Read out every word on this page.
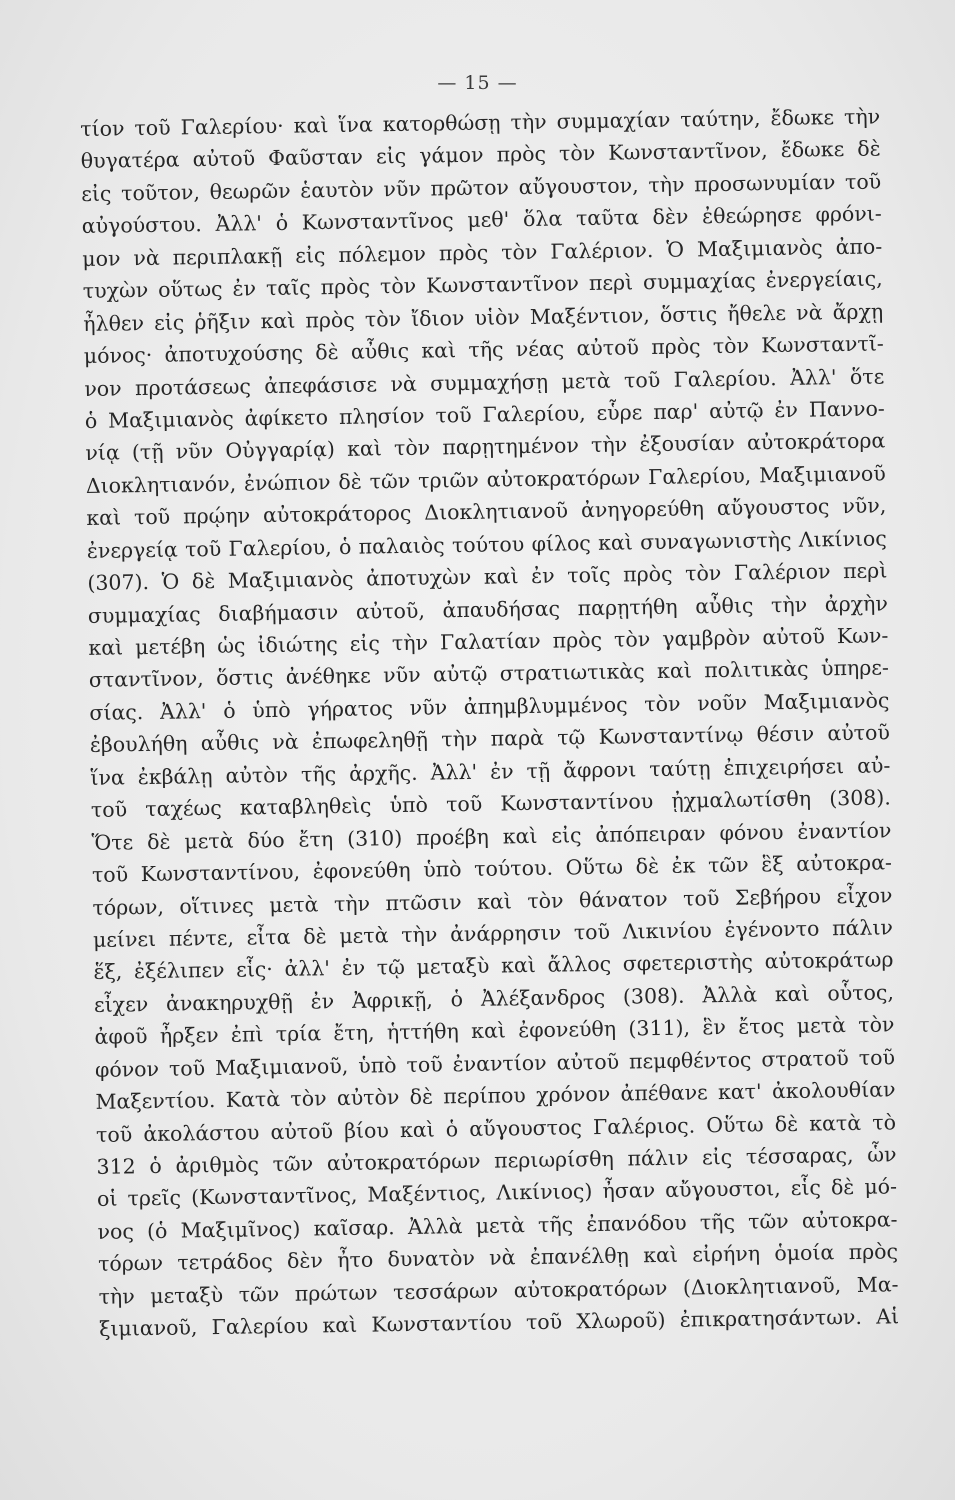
— 15 —
τίον τοῦ Γαλερίου· καὶ ἵνα κατορθώσῃ τὴν συμμαχίαν ταύτην, ἔδωκε τὴν
θυγατέρα αὐτοῦ Φαῦσταν εἰς γάμον πρὸς τὸν Κωνσταντῖνον, ἔδωκε δὲ
εἰς τοῦτον, θεωρῶν ἑαυτὸν νῦν πρῶτον αὔγουστον, τὴν προσωνυμίαν τοῦ
αὐγούστου. Ἀλλ' ὁ Κωνσταντῖνος μεθ' ὅλα ταῦτα δὲν ἐθεώρησε φρόνι-
μον νὰ περιπλακῇ εἰς πόλεμον πρὸς τὸν Γαλέριον. Ὁ Μαξιμιανὸς ἀπο-
τυχὼν οὕτως ἐν ταῖς πρὸς τὸν Κωνσταντῖνον περὶ συμμαχίας ἐνεργείαις,
ἦλθεν εἰς ῥῆξιν καὶ πρὸς τὸν ἴδιον υἱὸν Μαξέντιον, ὅστις ἤθελε νὰ ἄρχῃ
μόνος· ἀποτυχούσης δὲ αὖθις καὶ τῆς νέας αὐτοῦ πρὸς τὸν Κωνσταντῖ-
νον προτάσεως ἀπεφάσισε νὰ συμμαχήσῃ μετὰ τοῦ Γαλερίου. Ἀλλ' ὅτε
ὁ Μαξιμιανὸς ἀφίκετο πλησίον τοῦ Γαλερίου, εὗρε παρ' αὐτῷ ἐν Παννο-
νίᾳ (τῇ νῦν Οὐγγαρίᾳ) καὶ τὸν παρῃτημένον τὴν ἐξουσίαν αὐτοκράτορα
Διοκλητιανόν, ἐνώπιον δὲ τῶν τριῶν αὐτοκρατόρων Γαλερίου, Μαξιμιανοῦ
καὶ τοῦ πρῴην αὐτοκράτορος Διοκλητιανοῦ ἀνηγορεύθη αὔγουστος νῦν,
ἐνεργείᾳ τοῦ Γαλερίου, ὁ παλαιὸς τούτου φίλος καὶ συναγωνιστὴς Λικίνιος
(307). Ὁ δὲ Μαξιμιανὸς ἀποτυχὼν καὶ ἐν τοῖς πρὸς τὸν Γαλέριον περὶ
συμμαχίας διαβήμασιν αὐτοῦ, ἀπαυδήσας παρῃτήθη αὖθις τὴν ἀρχὴν
καὶ μετέβη ὡς ἰδιώτης εἰς τὴν Γαλατίαν πρὸς τὸν γαμβρὸν αὐτοῦ Κων-
σταντῖνον, ὅστις ἀνέθηκε νῦν αὐτῷ στρατιωτικὰς καὶ πολιτικὰς ὑπηρε-
σίας. Ἀλλ' ὁ ὑπὸ γήρατος νῦν ἀπημβλυμμένος τὸν νοῦν Μαξιμιανὸς
ἐβουλήθη αὖθις νὰ ἐπωφεληθῇ τὴν παρὰ τῷ Κωνσταντίνῳ θέσιν αὐτοῦ
ἵνα ἐκβάλῃ αὐτὸν τῆς ἀρχῆς. Ἀλλ' ἐν τῇ ἄφρονι ταύτῃ ἐπιχειρήσει αὐ-
τοῦ ταχέως καταβληθεὶς ὑπὸ τοῦ Κωνσταντίνου ᾐχμαλωτίσθη (308).
Ὅτε δὲ μετὰ δύο ἔτη (310) προέβη καὶ εἰς ἀπόπειραν φόνου ἐναντίον
τοῦ Κωνσταντίνου, ἐφονεύθη ὑπὸ τούτου. Οὕτω δὲ ἐκ τῶν ἓξ αὐτοκρα-
τόρων, οἵτινες μετὰ τὴν πτῶσιν καὶ τὸν θάνατον τοῦ Σεβήρου εἶχον
μείνει πέντε, εἶτα δὲ μετὰ τὴν ἀνάρρησιν τοῦ Λικινίου ἐγένοντο πάλιν
ἕξ, ἐξέλιπεν εἷς· ἀλλ' ἐν τῷ μεταξὺ καὶ ἄλλος σφετεριστὴς αὐτοκράτωρ
εἶχεν ἀνακηρυχθῇ ἐν Ἀφρικῇ, ὁ Ἀλέξανδρος (308). Ἀλλὰ καὶ οὗτος,
ἀφοῦ ἦρξεν ἐπὶ τρία ἔτη, ἡττήθη καὶ ἐφονεύθη (311), ἓν ἔτος μετὰ τὸν
φόνον τοῦ Μαξιμιανοῦ, ὑπὸ τοῦ ἐναντίον αὐτοῦ πεμφθέντος στρατοῦ τοῦ
Μαξεντίου. Κατὰ τὸν αὐτὸν δὲ περίπου χρόνον ἀπέθανε κατ' ἀκολουθίαν
τοῦ ἀκολάστου αὐτοῦ βίου καὶ ὁ αὔγουστος Γαλέριος. Οὕτω δὲ κατὰ τὸ
312 ὁ ἀριθμὸς τῶν αὐτοκρατόρων περιωρίσθη πάλιν εἰς τέσσαρας, ὧν
οἱ τρεῖς (Κωνσταντῖνος, Μαξέντιος, Λικίνιος) ἦσαν αὔγουστοι, εἷς δὲ μό-
νος (ὁ Μαξιμῖνος) καῖσαρ. Ἀλλὰ μετὰ τῆς ἐπανόδου τῆς τῶν αὐτοκρα-
τόρων τετράδος δὲν ἦτο δυνατὸν νὰ ἐπανέλθῃ καὶ εἰρήνη ὁμοία πρὸς
τὴν μεταξὺ τῶν πρώτων τεσσάρων αὐτοκρατόρων (Διοκλητιανοῦ, Μα-
ξιμιανοῦ, Γαλερίου καὶ Κωνσταντίου τοῦ Χλωροῦ) ἐπικρατησάντων. Αἱ
